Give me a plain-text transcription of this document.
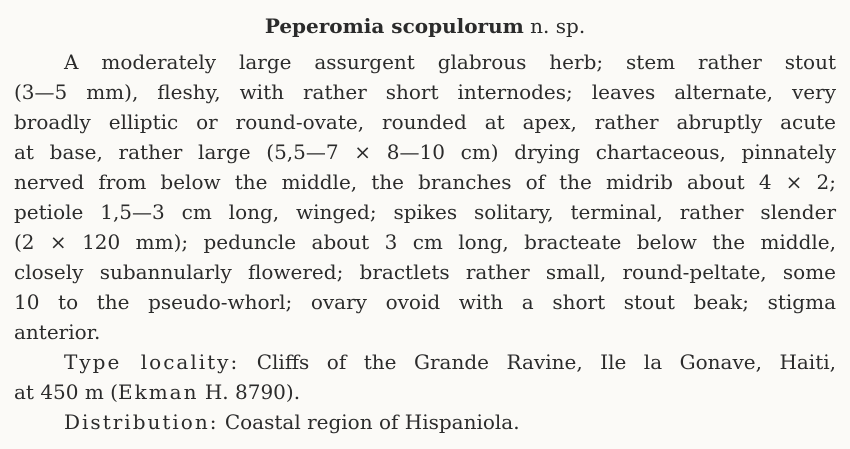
Peperomia scopulorum n. sp.
A moderately large assurgent glabrous herb; stem rather stout
(3—5 mm), fleshy, with rather short internodes; leaves alternate, very
broadly elliptic or round-ovate, rounded at apex, rather abruptly acute
at base, rather large (5,5—7 × 8—10 cm) drying chartaceous, pinnately
nerved from below the middle, the branches of the midrib about 4 × 2;
petiole 1,5—3 cm long, winged; spikes solitary, terminal, rather slender
(2 × 120 mm); peduncle about 3 cm long, bracteate below the middle,
closely subannularly flowered; bractlets rather small, round-peltate, some
10 to the pseudo-whorl; ovary ovoid with a short stout beak; stigma
anterior.
Type locality: Cliffs of the Grande Ravine, Ile la Gonave, Haiti,
at 450 m (Ekman H. 8790).
Distribution: Coastal region of Hispaniola.
